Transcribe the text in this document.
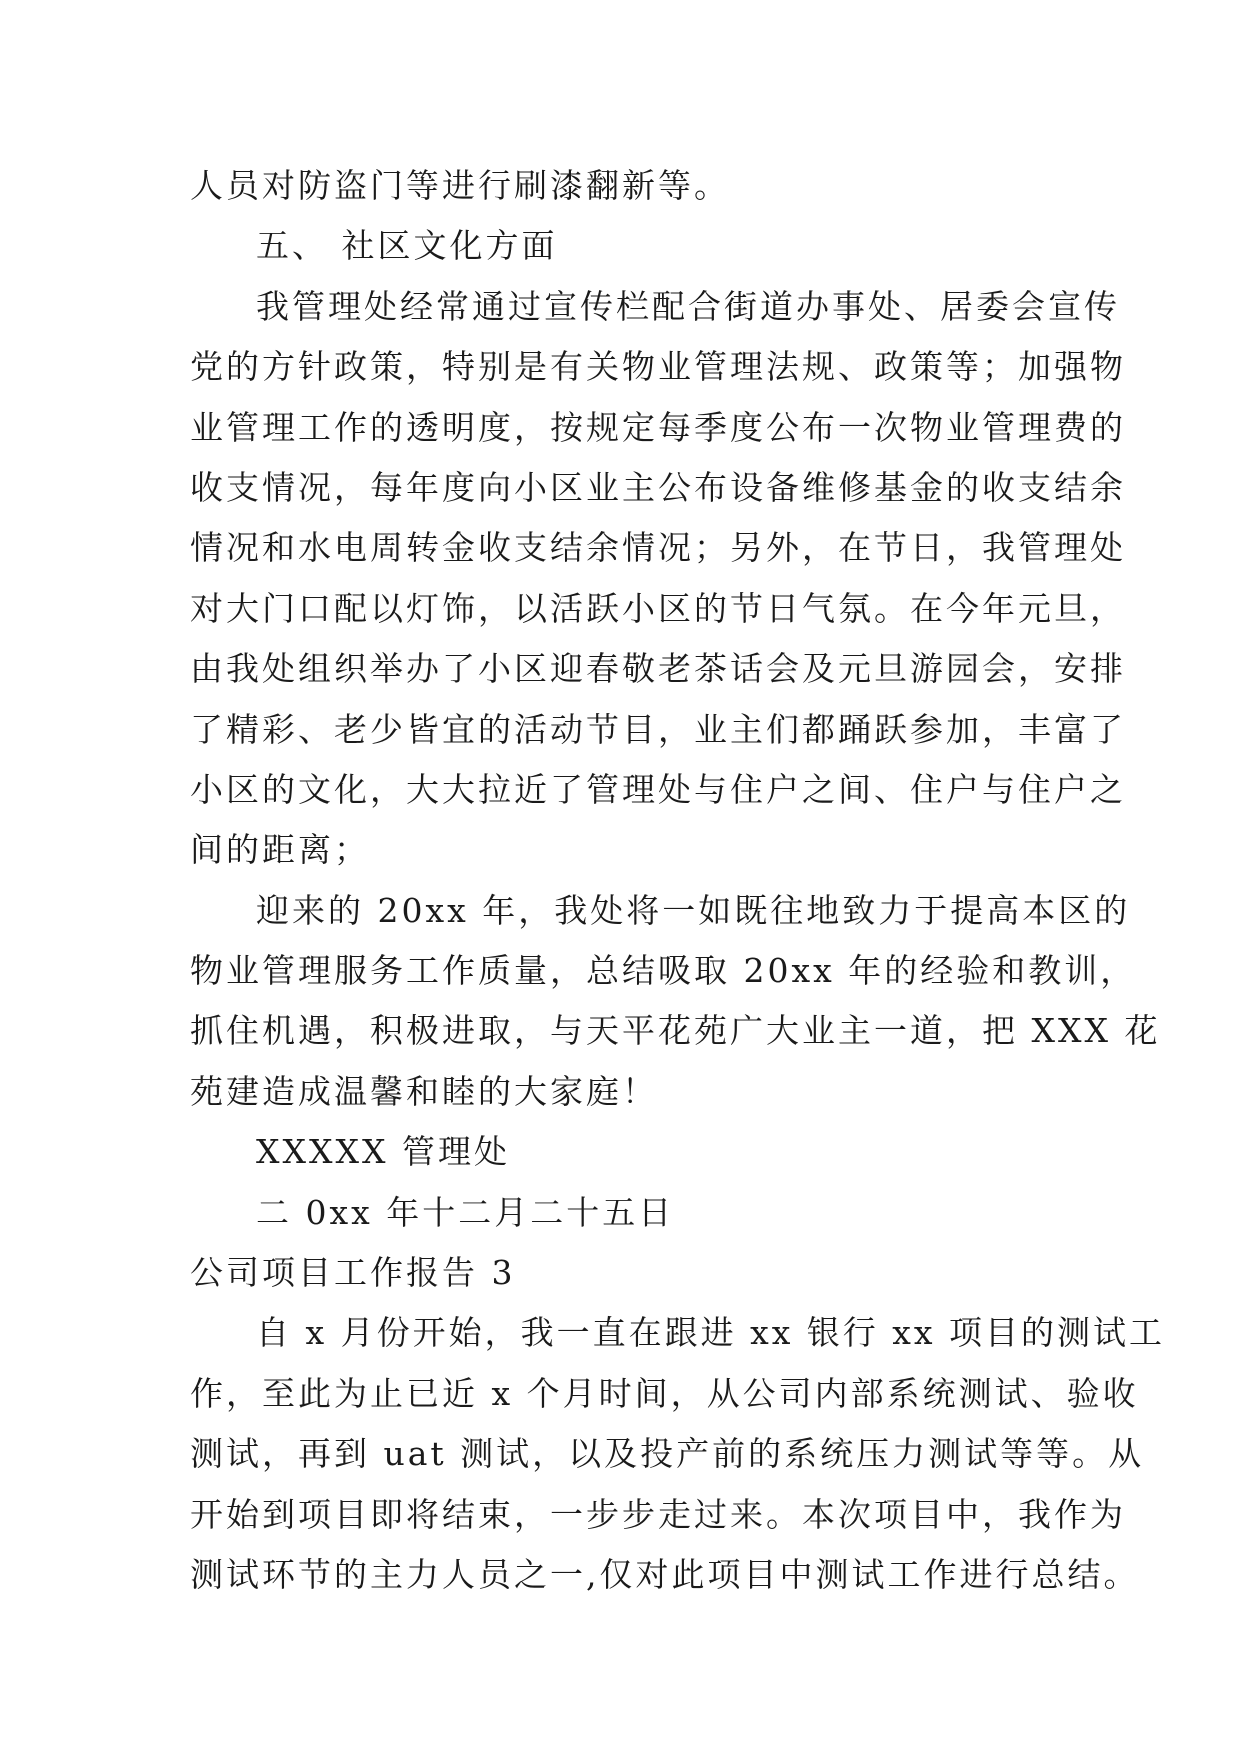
人员对防盗门等进行刷漆翻新等。
五、 社区文化方面
我管理处经常通过宣传栏配合街道办事处、居委会宣传
党的方针政策，特别是有关物业管理法规、政策等；加强物
业管理工作的透明度，按规定每季度公布一次物业管理费的
收支情况，每年度向小区业主公布设备维修基金的收支结余
情况和水电周转金收支结余情况；另外，在节日，我管理处
对大门口配以灯饰，以活跃小区的节日气氛。在今年元旦，
由我处组织举办了小区迎春敬老茶话会及元旦游园会，安排
了精彩、老少皆宜的活动节目，业主们都踊跃参加，丰富了
小区的文化，大大拉近了管理处与住户之间、住户与住户之
间的距离；
迎来的 20xx 年，我处将一如既往地致力于提高本区的
物业管理服务工作质量，总结吸取 20xx 年的经验和教训，
抓住机遇，积极进取，与天平花苑广大业主一道，把 XXX 花
苑建造成温馨和睦的大家庭！
XXXXX 管理处
二 0xx 年十二月二十五日
公司项目工作报告 3
自 x 月份开始，我一直在跟进 xx 银行 xx 项目的测试工
作，至此为止已近 x 个月时间，从公司内部系统测试、验收
测试，再到 uat 测试，以及投产前的系统压力测试等等。从
开始到项目即将结束，一步步走过来。本次项目中，我作为
测试环节的主力人员之一,仅对此项目中测试工作进行总结。
